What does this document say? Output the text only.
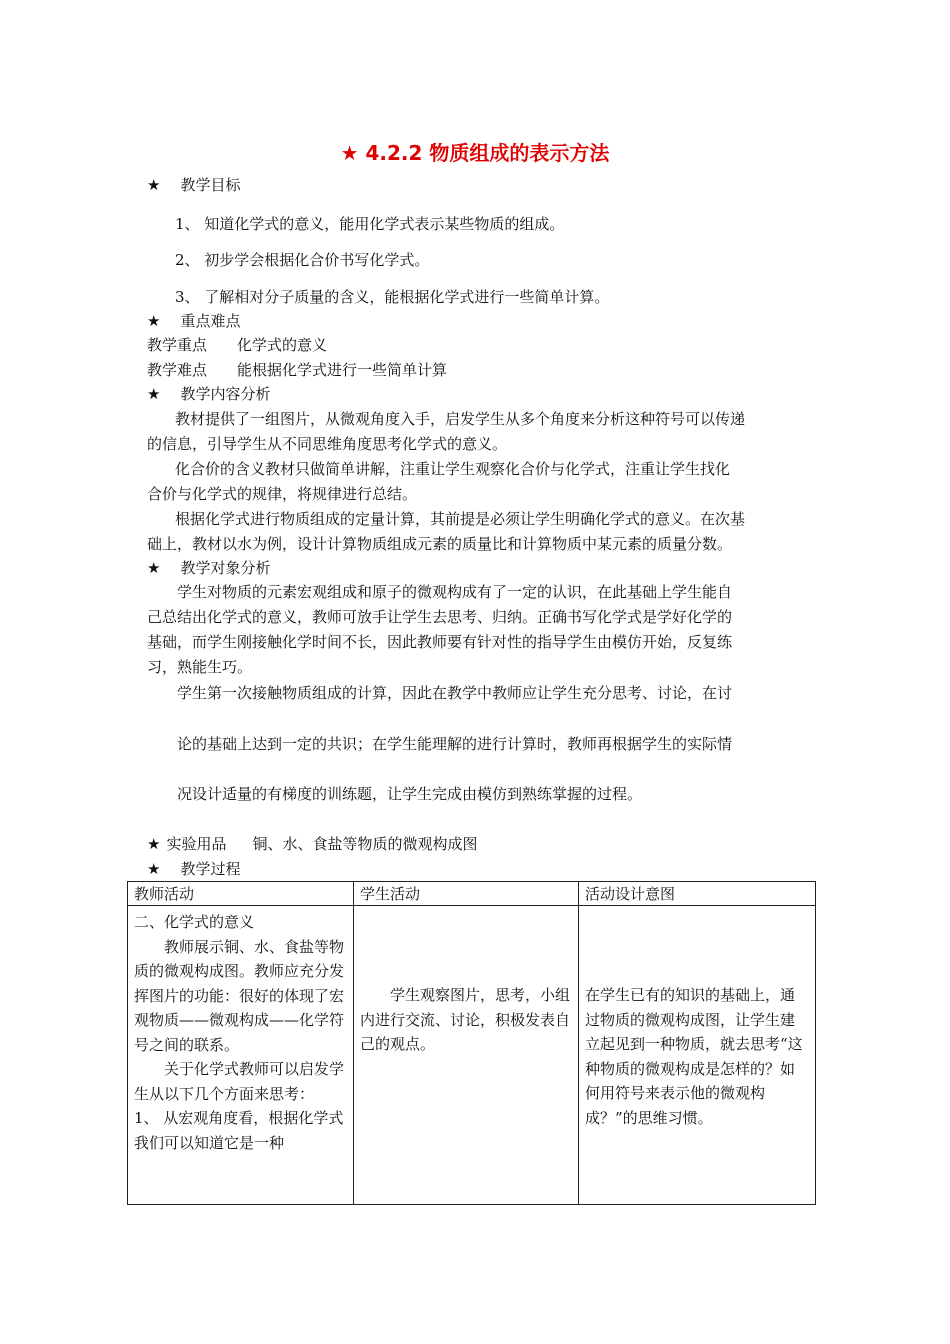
★ 4.2.2 物质组成的表示方法
★ 教学目标
1、 知道化学式的意义，能用化学式表示某些物质的组成。
2、 初步学会根据化合价书写化学式。
3、 了解相对分子质量的含义，能根据化学式进行一些简单计算。
★ 重点难点
教学重点 化学式的意义
教学难点 能根据化学式进行一些简单计算
★ 教学内容分析
教材提供了一组图片，从微观角度入手，启发学生从多个角度来分析这种符号可以传递
的信息，引导学生从不同思维角度思考化学式的意义。
化合价的含义教材只做简单讲解，注重让学生观察化合价与化学式，注重让学生找化
合价与化学式的规律，将规律进行总结。
根据化学式进行物质组成的定量计算，其前提是必须让学生明确化学式的意义。在次基
础上，教材以水为例，设计计算物质组成元素的质量比和计算物质中某元素的质量分数。
★ 教学对象分析
学生对物质的元素宏观组成和原子的微观构成有了一定的认识，在此基础上学生能自
己总结出化学式的意义，教师可放手让学生去思考、归纳。正确书写化学式是学好化学的
基础，而学生刚接触化学时间不长，因此教师要有针对性的指导学生由模仿开始，反复练
习，熟能生巧。
学生第一次接触物质组成的计算，因此在教学中教师应让学生充分思考、讨论，在讨
论的基础上达到一定的共识；在学生能理解的进行计算时，教师再根据学生的实际情
况设计适量的有梯度的训练题，让学生完成由模仿到熟练掌握的过程。
★ 实验用品 铜、水、食盐等物质的微观构成图
★ 教学过程
教师活动	学生活动	活动设计意图

二、化学式的意义
教师展示铜、水、食盐等物质的微观构成图。教师应充分发挥图片的功能：很好的体现了宏观物质——微观构成——化学符号之间的联系。
关于化学式教师可以启发学生从以下几个方面来思考：
1、 从宏观角度看，根据化学式我们可以知道它是一种	学生观察图片，思考，小组内进行交流、讨论，积极发表自己的观点。	在学生已有的知识的基础上，通过物质的微观构成图，让学生建立起见到一种物质，就去思考“这种物质的微观构成是怎样的？如何用符号来表示他的微观构成？”的思维习惯。
